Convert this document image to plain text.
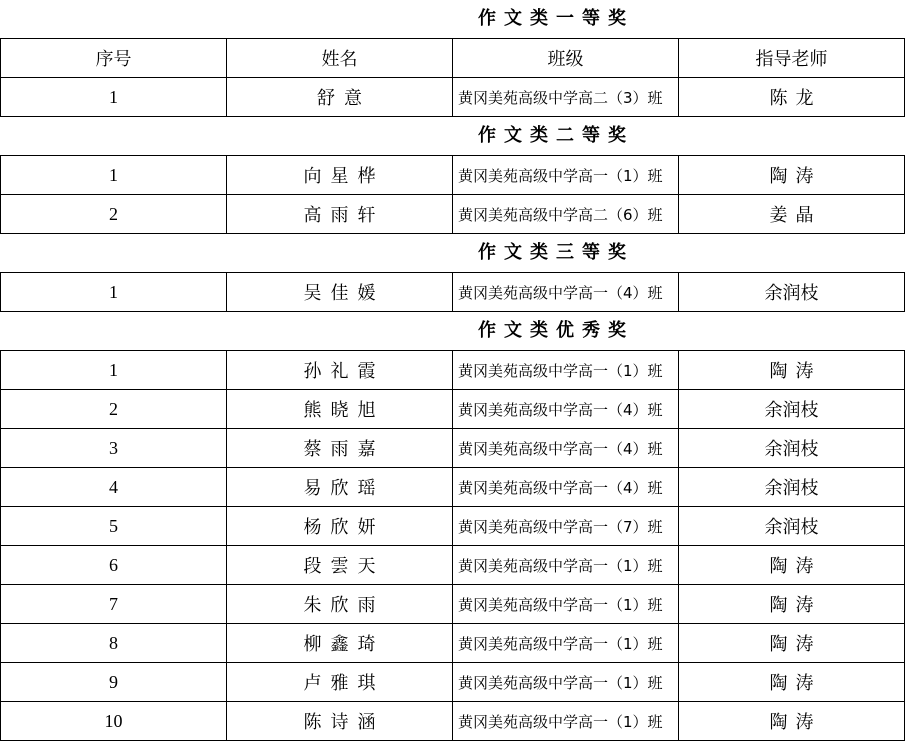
作文类一等奖
序号	姓名	班级	指导老师
1	舒意	黄冈美苑高级中学高二（3）班	陈龙
作文类二等奖
1	向星桦	黄冈美苑高级中学高一（1）班	陶涛
2	高雨轩	黄冈美苑高级中学高二（6）班	姜晶
作文类三等奖
1	吴佳媛	黄冈美苑高级中学高一（4）班	余润枝
作文类优秀奖
1	孙礼霞	黄冈美苑高级中学高一（1）班	陶涛
2	熊晓旭	黄冈美苑高级中学高一（4）班	余润枝
3	蔡雨嘉	黄冈美苑高级中学高一（4）班	余润枝
4	易欣瑶	黄冈美苑高级中学高一（4）班	余润枝
5	杨欣妍	黄冈美苑高级中学高一（7）班	余润枝
6	段雲天	黄冈美苑高级中学高一（1）班	陶涛
7	朱欣雨	黄冈美苑高级中学高一（1）班	陶涛
8	柳鑫琦	黄冈美苑高级中学高一（1）班	陶涛
9	卢雅琪	黄冈美苑高级中学高一（1）班	陶涛
10	陈诗涵	黄冈美苑高级中学高一（1）班	陶涛
